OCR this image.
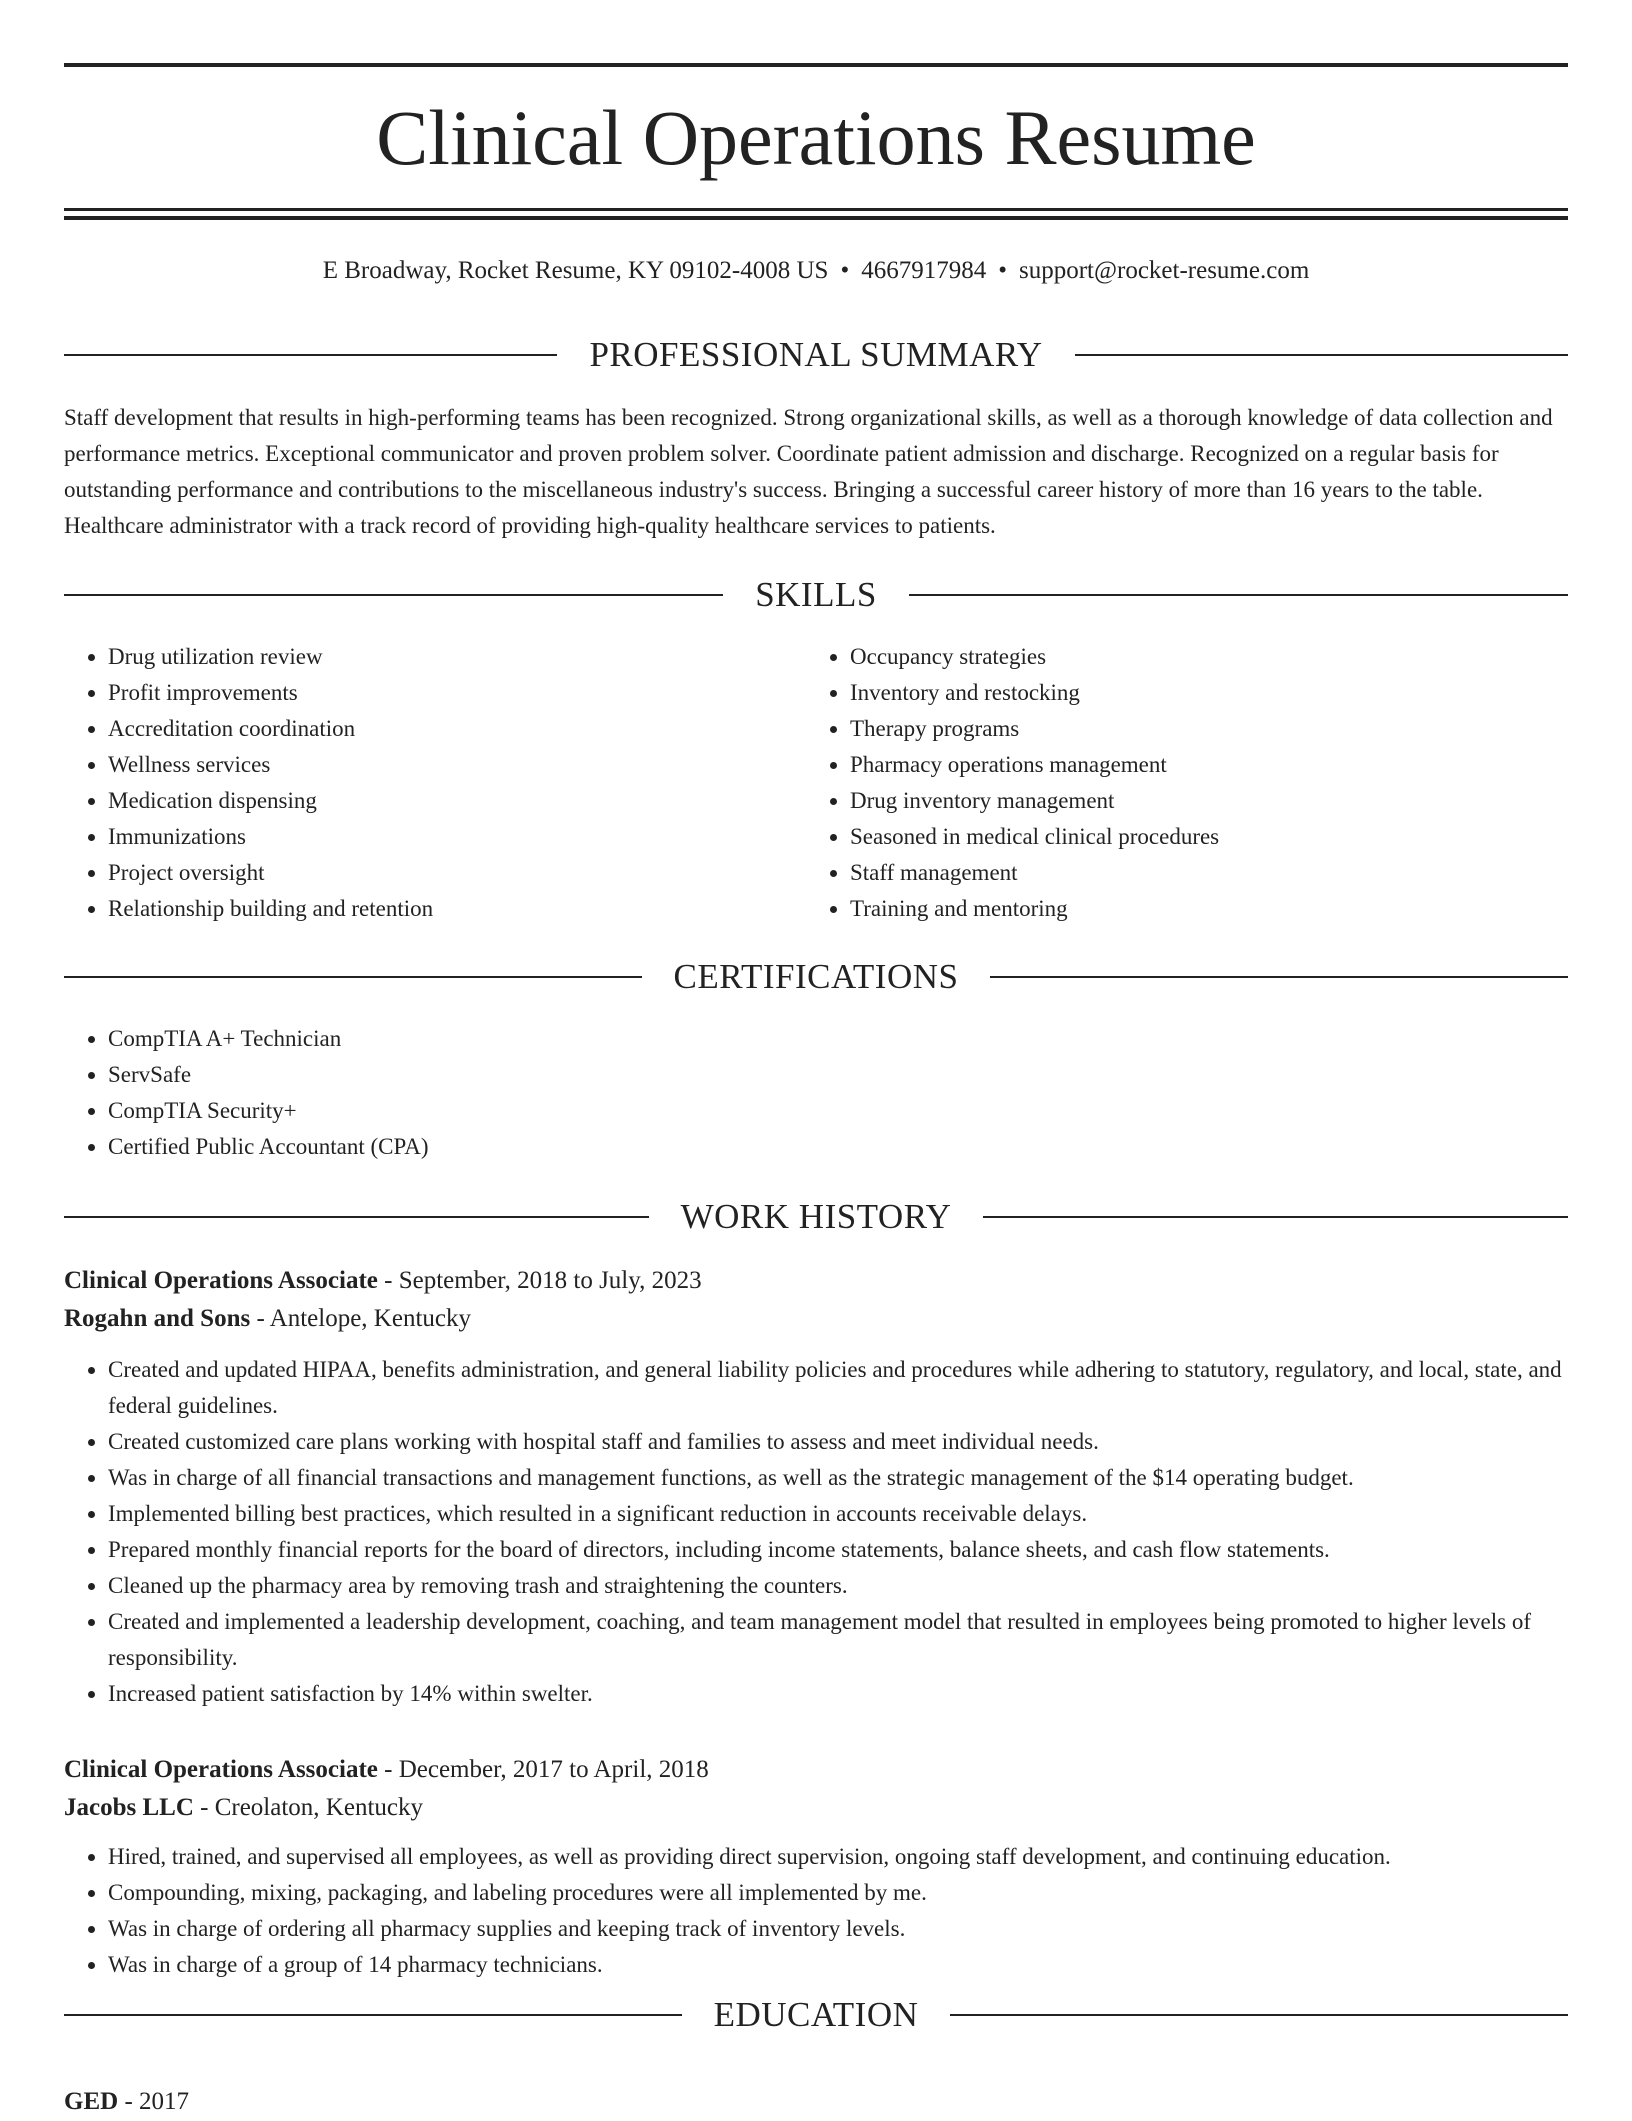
Clinical Operations Resume
E Broadway, Rocket Resume, KY 09102-4008 US • 4667917984 • support@rocket-resume.com
PROFESSIONAL SUMMARY

Staff development that results in high-performing teams has been recognized. Strong organizational skills, as well as a thorough knowledge of data collection and performance metrics. Exceptional communicator and proven problem solver. Coordinate patient admission and discharge. Recognized on a regular basis for outstanding performance and contributions to the miscellaneous industry's success. Bringing a successful career history of more than 16 years to the table. Healthcare administrator with a track record of providing high-quality healthcare services to patients.

SKILLS
• Drug utilization review
• Profit improvements
• Accreditation coordination
• Wellness services
• Medication dispensing
• Immunizations
• Project oversight
• Relationship building and retention
• Occupancy strategies
• Inventory and restocking
• Therapy programs
• Pharmacy operations management
• Drug inventory management
• Seasoned in medical clinical procedures
• Staff management
• Training and mentoring
CERTIFICATIONS
• CompTIA A+ Technician
• ServSafe
• CompTIA Security+
• Certified Public Accountant (CPA)
WORK HISTORY
Clinical Operations Associate - September, 2018 to July, 2023
Rogahn and Sons - Antelope, Kentucky
• Created and updated HIPAA, benefits administration, and general liability policies and procedures while adhering to statutory, regulatory, and local, state, and federal guidelines.
• Created customized care plans working with hospital staff and families to assess and meet individual needs.
• Was in charge of all financial transactions and management functions, as well as the strategic management of the $14 operating budget.
• Implemented billing best practices, which resulted in a significant reduction in accounts receivable delays.
• Prepared monthly financial reports for the board of directors, including income statements, balance sheets, and cash flow statements.
• Cleaned up the pharmacy area by removing trash and straightening the counters.
• Created and implemented a leadership development, coaching, and team management model that resulted in employees being promoted to higher levels of responsibility.
• Increased patient satisfaction by 14% within swelter.
Clinical Operations Associate - December, 2017 to April, 2018
Jacobs LLC - Creolaton, Kentucky
• Hired, trained, and supervised all employees, as well as providing direct supervision, ongoing staff development, and continuing education.
• Compounding, mixing, packaging, and labeling procedures were all implemented by me.
• Was in charge of ordering all pharmacy supplies and keeping track of inventory levels.
• Was in charge of a group of 14 pharmacy technicians.
EDUCATION
GED - 2017
